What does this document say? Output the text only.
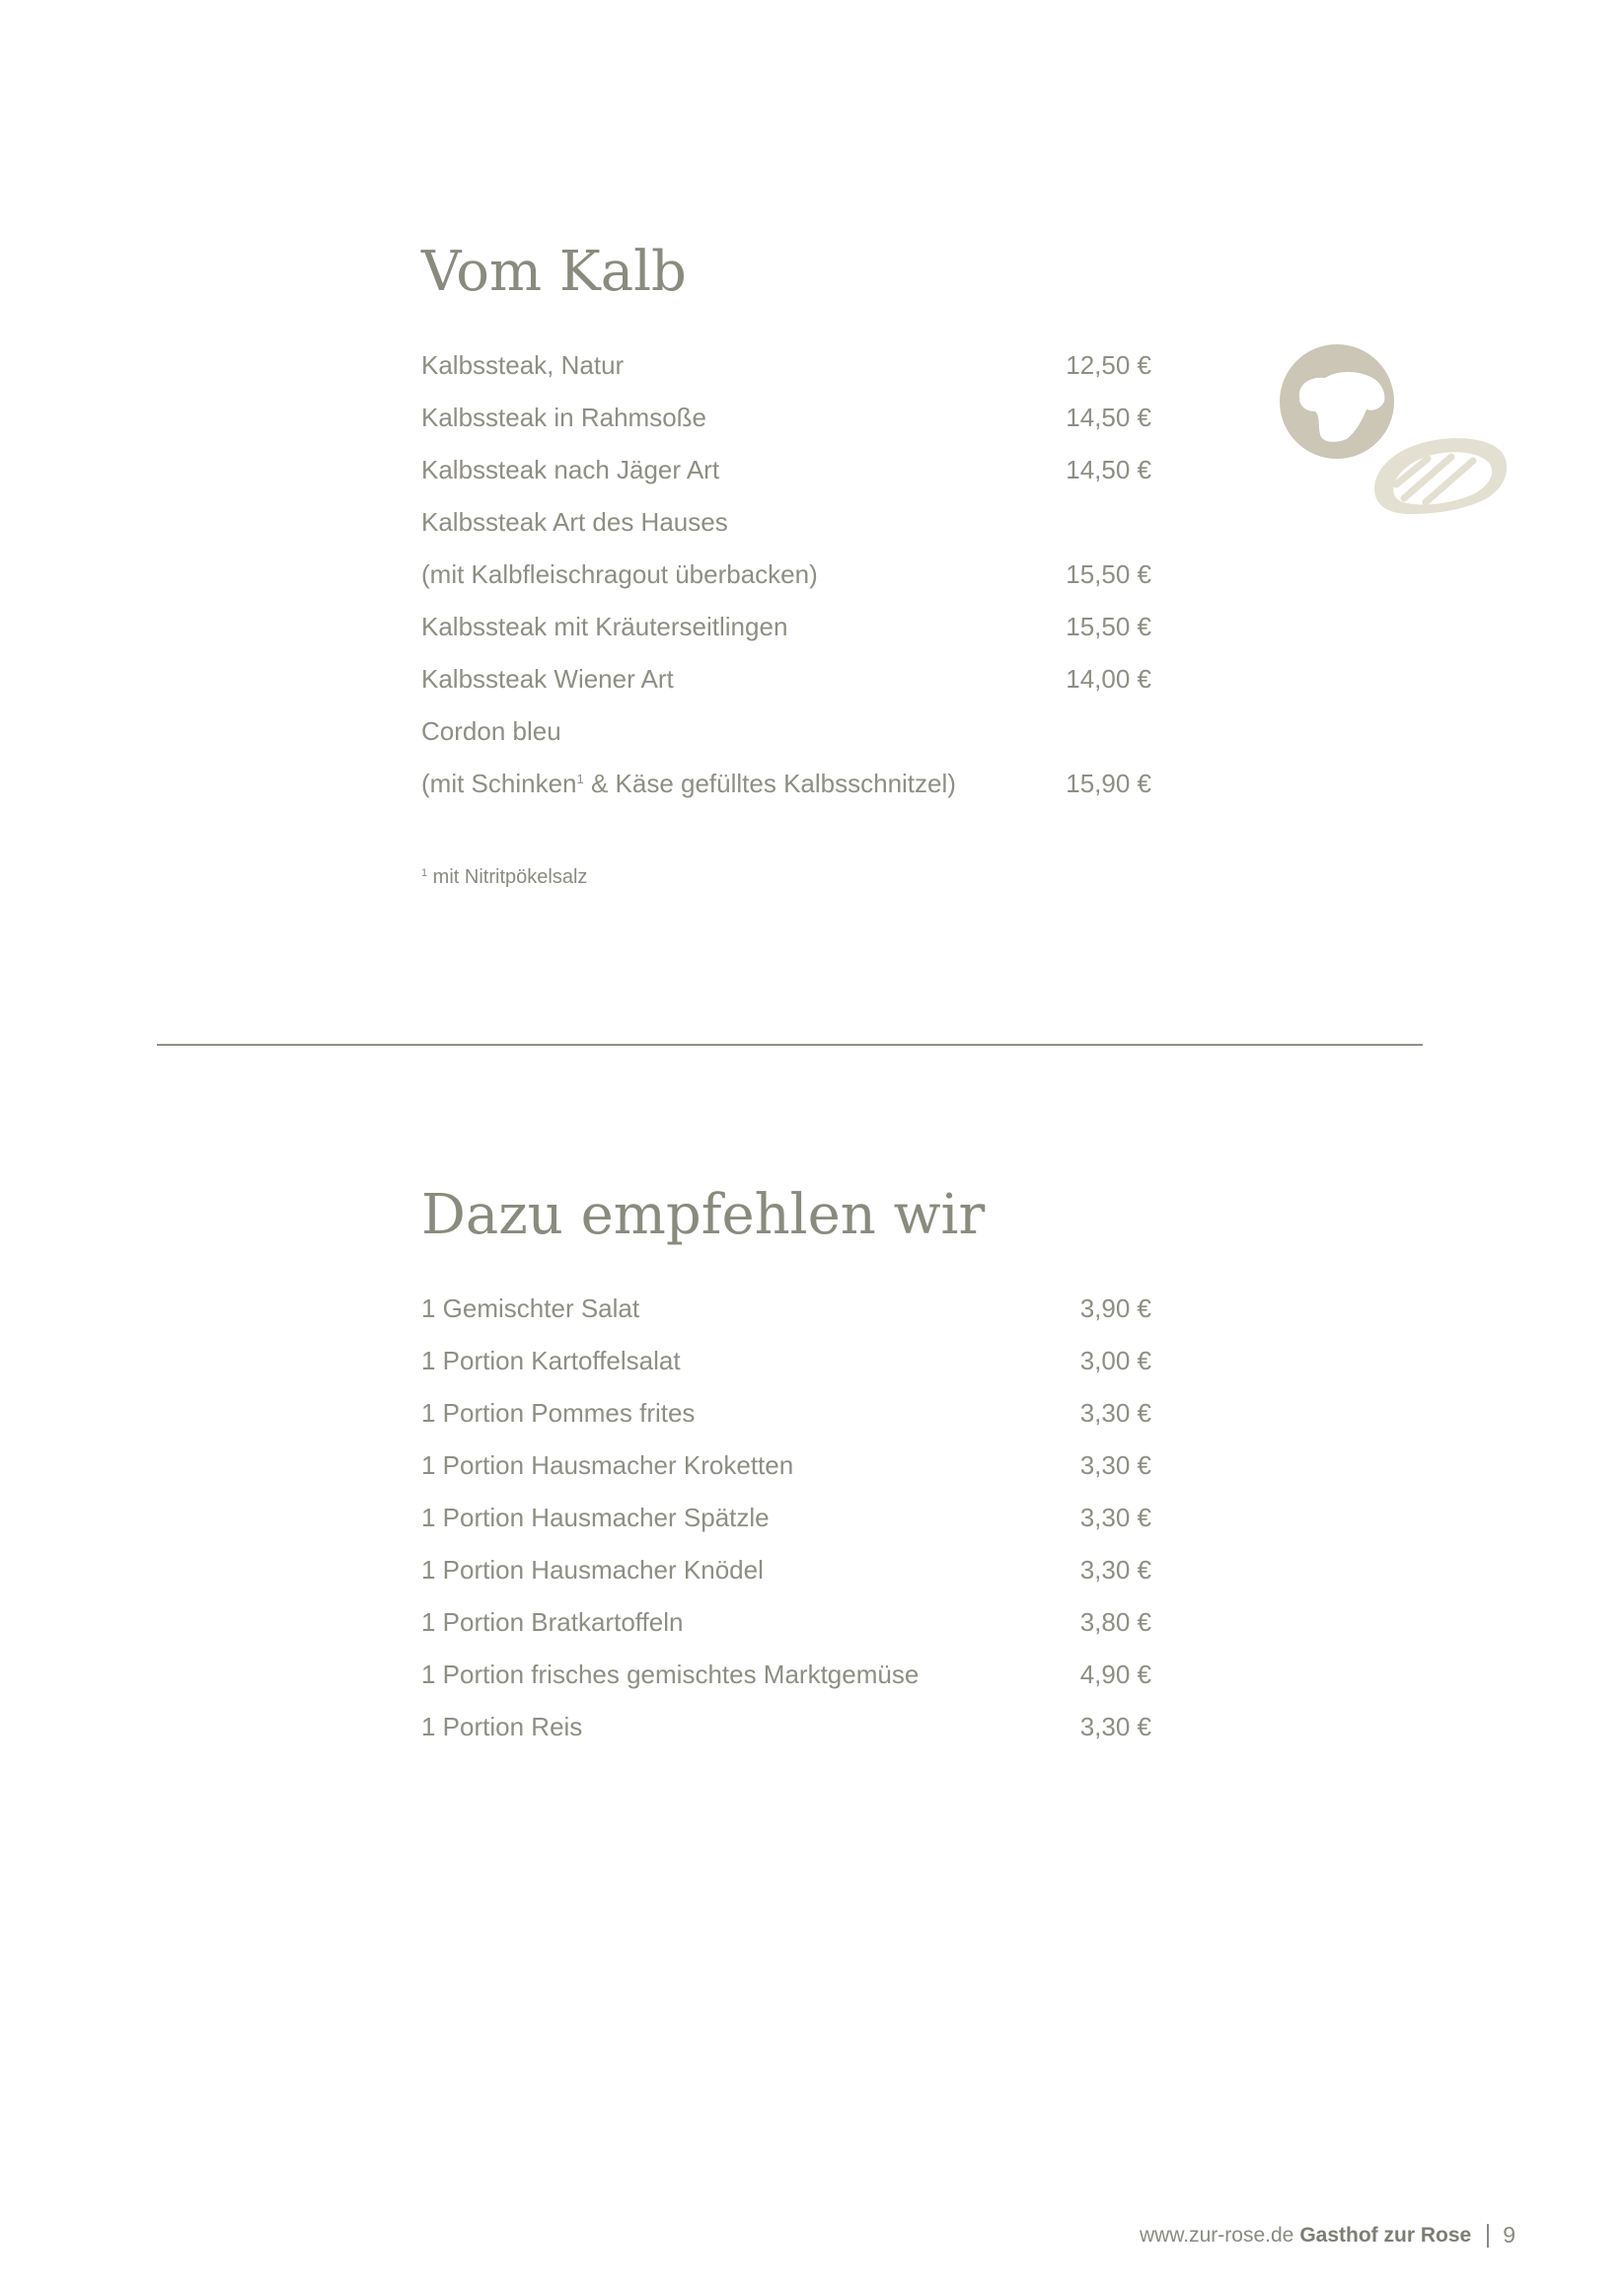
Vom Kalb
Kalbssteak, Natur	12,50 €
Kalbssteak in Rahmsoße	14,50 €
Kalbssteak nach Jäger Art	14,50 €
Kalbssteak Art des Hauses
(mit Kalbfleischragout überbacken)	15,50 €
Kalbssteak mit Kräuterseitlingen	15,50 €
Kalbssteak Wiener Art	14,00 €
Cordon bleu
(mit Schinken$^1$ & Käse gefülltes Kalbsschnitzel)	15,90 €
$^1$ mit Nitritpökelsalz
Dazu empfehlen wir
1 Gemischter Salat	3,90 €
1 Portion Kartoffelsalat	3,00 €
1 Portion Pommes frites	3,30 €
1 Portion Hausmacher Kroketten	3,30 €
1 Portion Hausmacher Spätzle	3,30 €
1 Portion Hausmacher Knödel	3,30 €
1 Portion Bratkartoffeln	3,80 €
1 Portion frisches gemischtes Marktgemüse	4,90 €
1 Portion Reis	3,30 €
www.zur-rose.de Gasthof zur Rose 9
